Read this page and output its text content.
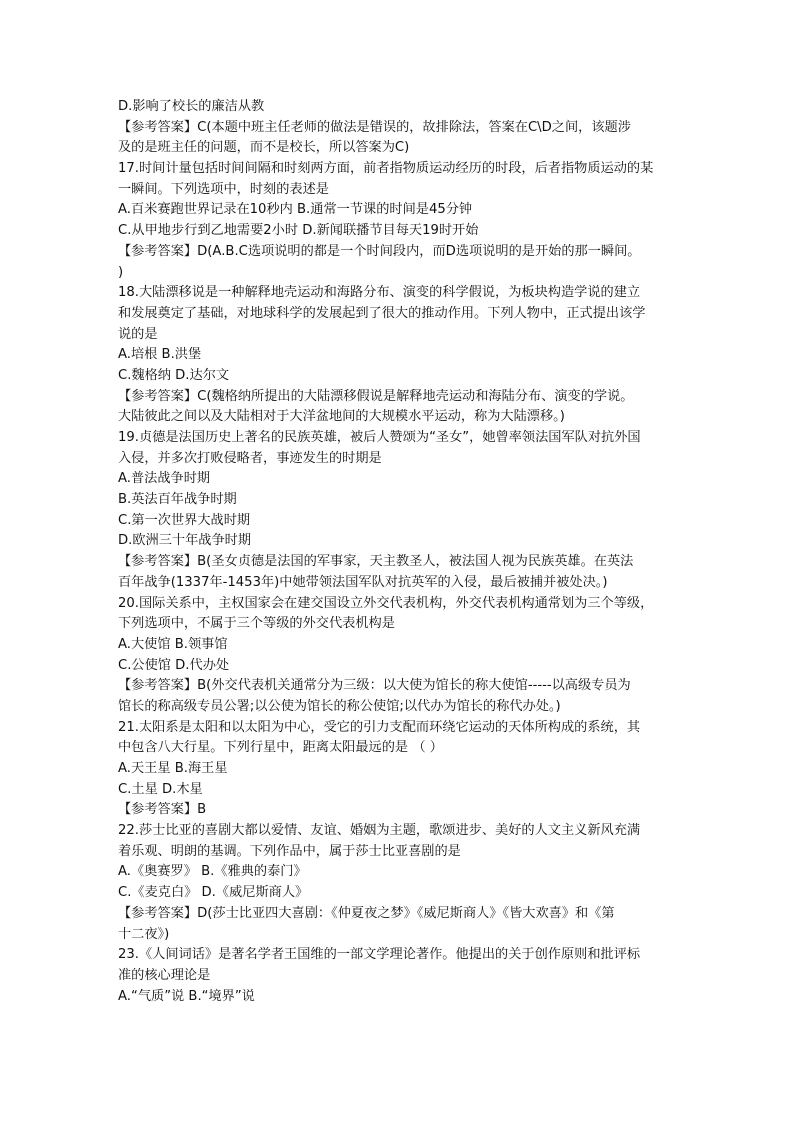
D.影响了校长的廉洁从教
【参考答案】C(本题中班主任老师的做法是错误的，故排除法，答案在C\D之间，该题涉
及的是班主任的问题，而不是校长，所以答案为C)
17.时间计量包括时间间隔和时刻两方面，前者指物质运动经历的时段，后者指物质运动的某
一瞬间。下列选项中，时刻的表述是
A.百米赛跑世界记录在10秒内 B.通常一节课的时间是45分钟
C.从甲地步行到乙地需要2小时 D.新闻联播节目每天19时开始
【参考答案】D(A.B.C选项说明的都是一个时间段内，而D选项说明的是开始的那一瞬间。
)
18.大陆漂移说是一种解释地壳运动和海路分布、演变的科学假说，为板块构造学说的建立
和发展奠定了基础，对地球科学的发展起到了很大的推动作用。下列人物中，正式提出该学
说的是
A.培根 B.洪堡
C.魏格纳 D.达尔文
【参考答案】C(魏格纳所提出的大陆漂移假说是解释地壳运动和海陆分布、演变的学说。
大陆彼此之间以及大陆相对于大洋盆地间的大规模水平运动，称为大陆漂移。)
19.贞德是法国历史上著名的民族英雄，被后人赞颂为“圣女”，她曾率领法国军队对抗外国
入侵，并多次打败侵略者，事迹发生的时期是
A.普法战争时期
B.英法百年战争时期
C.第一次世界大战时期
D.欧洲三十年战争时期
【参考答案】B(圣女贞德是法国的军事家，天主教圣人，被法国人视为民族英雄。在英法
百年战争(1337年-1453年)中她带领法国军队对抗英军的入侵，最后被捕并被处决。)
20.国际关系中，主权国家会在建交国设立外交代表机构，外交代表机构通常划为三个等级，
下列选项中，不属于三个等级的外交代表机构是
A.大使馆 B.领事馆
C.公使馆 D.代办处
【参考答案】B(外交代表机关通常分为三级：以大使为馆长的称大使馆-----以高级专员为
馆长的称高级专员公署;以公使为馆长的称公使馆;以代办为馆长的称代办处。)
21.太阳系是太阳和以太阳为中心，受它的引力支配而环绕它运动的天体所构成的系统，其
中包含八大行星。下列行星中，距离太阳最远的是 （ ）
A.天王星 B.海王星
C.土星 D.木星
【参考答案】B
22.莎士比亚的喜剧大都以爱情、友谊、婚姻为主题，歌颂进步、美好的人文主义新风充满
着乐观、明朗的基调。下列作品中，属于莎士比亚喜剧的是
A.《奥赛罗》 B.《雅典的泰门》
C.《麦克白》 D.《威尼斯商人》
【参考答案】D(莎士比亚四大喜剧：《仲夏夜之梦》《威尼斯商人》《皆大欢喜》和《第
十二夜》)
23.《人间词话》是著名学者王国维的一部文学理论著作。他提出的关于创作原则和批评标
准的核心理论是
A.“气质”说 B.“境界”说
